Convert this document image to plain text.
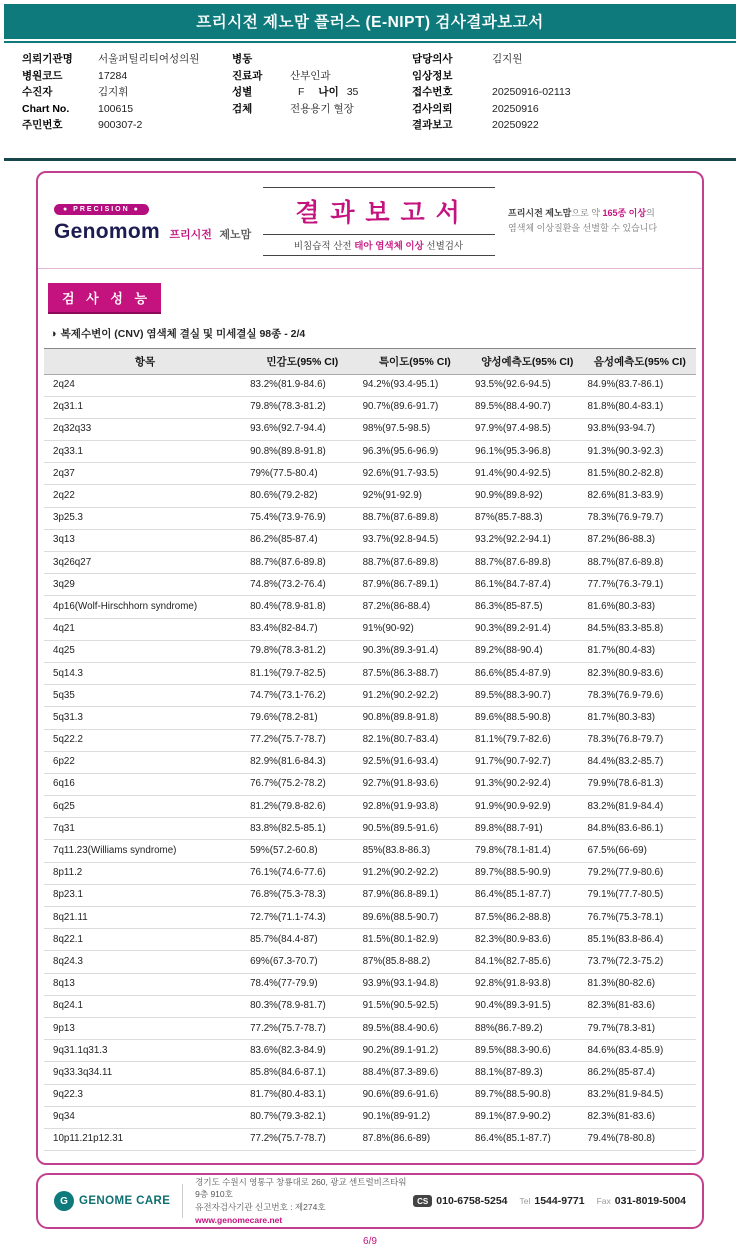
프리시전 제노맘 플러스 (E-NIPT) 검사결과보고서
의뢰기관명	서울퍼틸리티여성의원
병원코드	17284
수진자	김지휘
Chart No.	100615
주민번호	900307-2
병동
진료과	산부인과
성별	F 나이 35
검체	전용용기 혈장
담당의사	김지원
임상정보
접수번호	20250916-02113
검사의뢰	20250916
결과보고	20250922
● PRECISION ●
Genomom 프리시전 제노맘
결 과 보 고 서
비침습적 산전 태아 염색체 이상 선별검사
프리시전 제노맘으로 약 165종 이상의
염색체 이상질환을 선별할 수 있습니다
검 사 성 능
◑ 복제수변이 (CNV) 염색체 결실 및 미세결실 98종 - 2/4
항목	민감도(95% CI)	특이도(95% CI)	양성예측도(95% CI)	음성예측도(95% CI)
2q24	83.2%(81.9-84.6)	94.2%(93.4-95.1)	93.5%(92.6-94.5)	84.9%(83.7-86.1)
2q31.1	79.8%(78.3-81.2)	90.7%(89.6-91.7)	89.5%(88.4-90.7)	81.8%(80.4-83.1)
2q32q33	93.6%(92.7-94.4)	98%(97.5-98.5)	97.9%(97.4-98.5)	93.8%(93-94.7)
2q33.1	90.8%(89.8-91.8)	96.3%(95.6-96.9)	96.1%(95.3-96.8)	91.3%(90.3-92.3)
2q37	79%(77.5-80.4)	92.6%(91.7-93.5)	91.4%(90.4-92.5)	81.5%(80.2-82.8)
2q22	80.6%(79.2-82)	92%(91-92.9)	90.9%(89.8-92)	82.6%(81.3-83.9)
3p25.3	75.4%(73.9-76.9)	88.7%(87.6-89.8)	87%(85.7-88.3)	78.3%(76.9-79.7)
3q13	86.2%(85-87.4)	93.7%(92.8-94.5)	93.2%(92.2-94.1)	87.2%(86-88.3)
3q26q27	88.7%(87.6-89.8)	88.7%(87.6-89.8)	88.7%(87.6-89.8)	88.7%(87.6-89.8)
3q29	74.8%(73.2-76.4)	87.9%(86.7-89.1)	86.1%(84.7-87.4)	77.7%(76.3-79.1)
4p16(Wolf-Hirschhorn syndrome)	80.4%(78.9-81.8)	87.2%(86-88.4)	86.3%(85-87.5)	81.6%(80.3-83)
4q21	83.4%(82-84.7)	91%(90-92)	90.3%(89.2-91.4)	84.5%(83.3-85.8)
4q25	79.8%(78.3-81.2)	90.3%(89.3-91.4)	89.2%(88-90.4)	81.7%(80.4-83)
5q14.3	81.1%(79.7-82.5)	87.5%(86.3-88.7)	86.6%(85.4-87.9)	82.3%(80.9-83.6)
5q35	74.7%(73.1-76.2)	91.2%(90.2-92.2)	89.5%(88.3-90.7)	78.3%(76.9-79.6)
5q31.3	79.6%(78.2-81)	90.8%(89.8-91.8)	89.6%(88.5-90.8)	81.7%(80.3-83)
5q22.2	77.2%(75.7-78.7)	82.1%(80.7-83.4)	81.1%(79.7-82.6)	78.3%(76.8-79.7)
6p22	82.9%(81.6-84.3)	92.5%(91.6-93.4)	91.7%(90.7-92.7)	84.4%(83.2-85.7)
6q16	76.7%(75.2-78.2)	92.7%(91.8-93.6)	91.3%(90.2-92.4)	79.9%(78.6-81.3)
6q25	81.2%(79.8-82.6)	92.8%(91.9-93.8)	91.9%(90.9-92.9)	83.2%(81.9-84.4)
7q31	83.8%(82.5-85.1)	90.5%(89.5-91.6)	89.8%(88.7-91)	84.8%(83.6-86.1)
7q11.23(Williams syndrome)	59%(57.2-60.8)	85%(83.8-86.3)	79.8%(78.1-81.4)	67.5%(66-69)
8p11.2	76.1%(74.6-77.6)	91.2%(90.2-92.2)	89.7%(88.5-90.9)	79.2%(77.9-80.6)
8p23.1	76.8%(75.3-78.3)	87.9%(86.8-89.1)	86.4%(85.1-87.7)	79.1%(77.7-80.5)
8q21.11	72.7%(71.1-74.3)	89.6%(88.5-90.7)	87.5%(86.2-88.8)	76.7%(75.3-78.1)
8q22.1	85.7%(84.4-87)	81.5%(80.1-82.9)	82.3%(80.9-83.6)	85.1%(83.8-86.4)
8q24.3	69%(67.3-70.7)	87%(85.8-88.2)	84.1%(82.7-85.6)	73.7%(72.3-75.2)
8q13	78.4%(77-79.9)	93.9%(93.1-94.8)	92.8%(91.8-93.8)	81.3%(80-82.6)
8q24.1	80.3%(78.9-81.7)	91.5%(90.5-92.5)	90.4%(89.3-91.5)	82.3%(81-83.6)
9p13	77.2%(75.7-78.7)	89.5%(88.4-90.6)	88%(86.7-89.2)	79.7%(78.3-81)
9q31.1q31.3	83.6%(82.3-84.9)	90.2%(89.1-91.2)	89.5%(88.3-90.6)	84.6%(83.4-85.9)
9q33.3q34.11	85.8%(84.6-87.1)	88.4%(87.3-89.6)	88.1%(87-89.3)	86.2%(85-87.4)
9q22.3	81.7%(80.4-83.1)	90.6%(89.6-91.6)	89.7%(88.5-90.8)	83.2%(81.9-84.5)
9q34	80.7%(79.3-82.1)	90.1%(89-91.2)	89.1%(87.9-90.2)	82.3%(81-83.6)
10p11.21p12.31	77.2%(75.7-78.7)	87.8%(86.6-89)	86.4%(85.1-87.7)	79.4%(78-80.8)
G GENOME CARE
경기도 수원시 영통구 창룡대로 260, 광교 센트럴비즈타워 9층 910호
유전자검사기관 신고번호 : 제274호
www.genomecare.net
CS 010-6758-5254 Tel 1544-9771 Fax 031-8019-5004
6/9
